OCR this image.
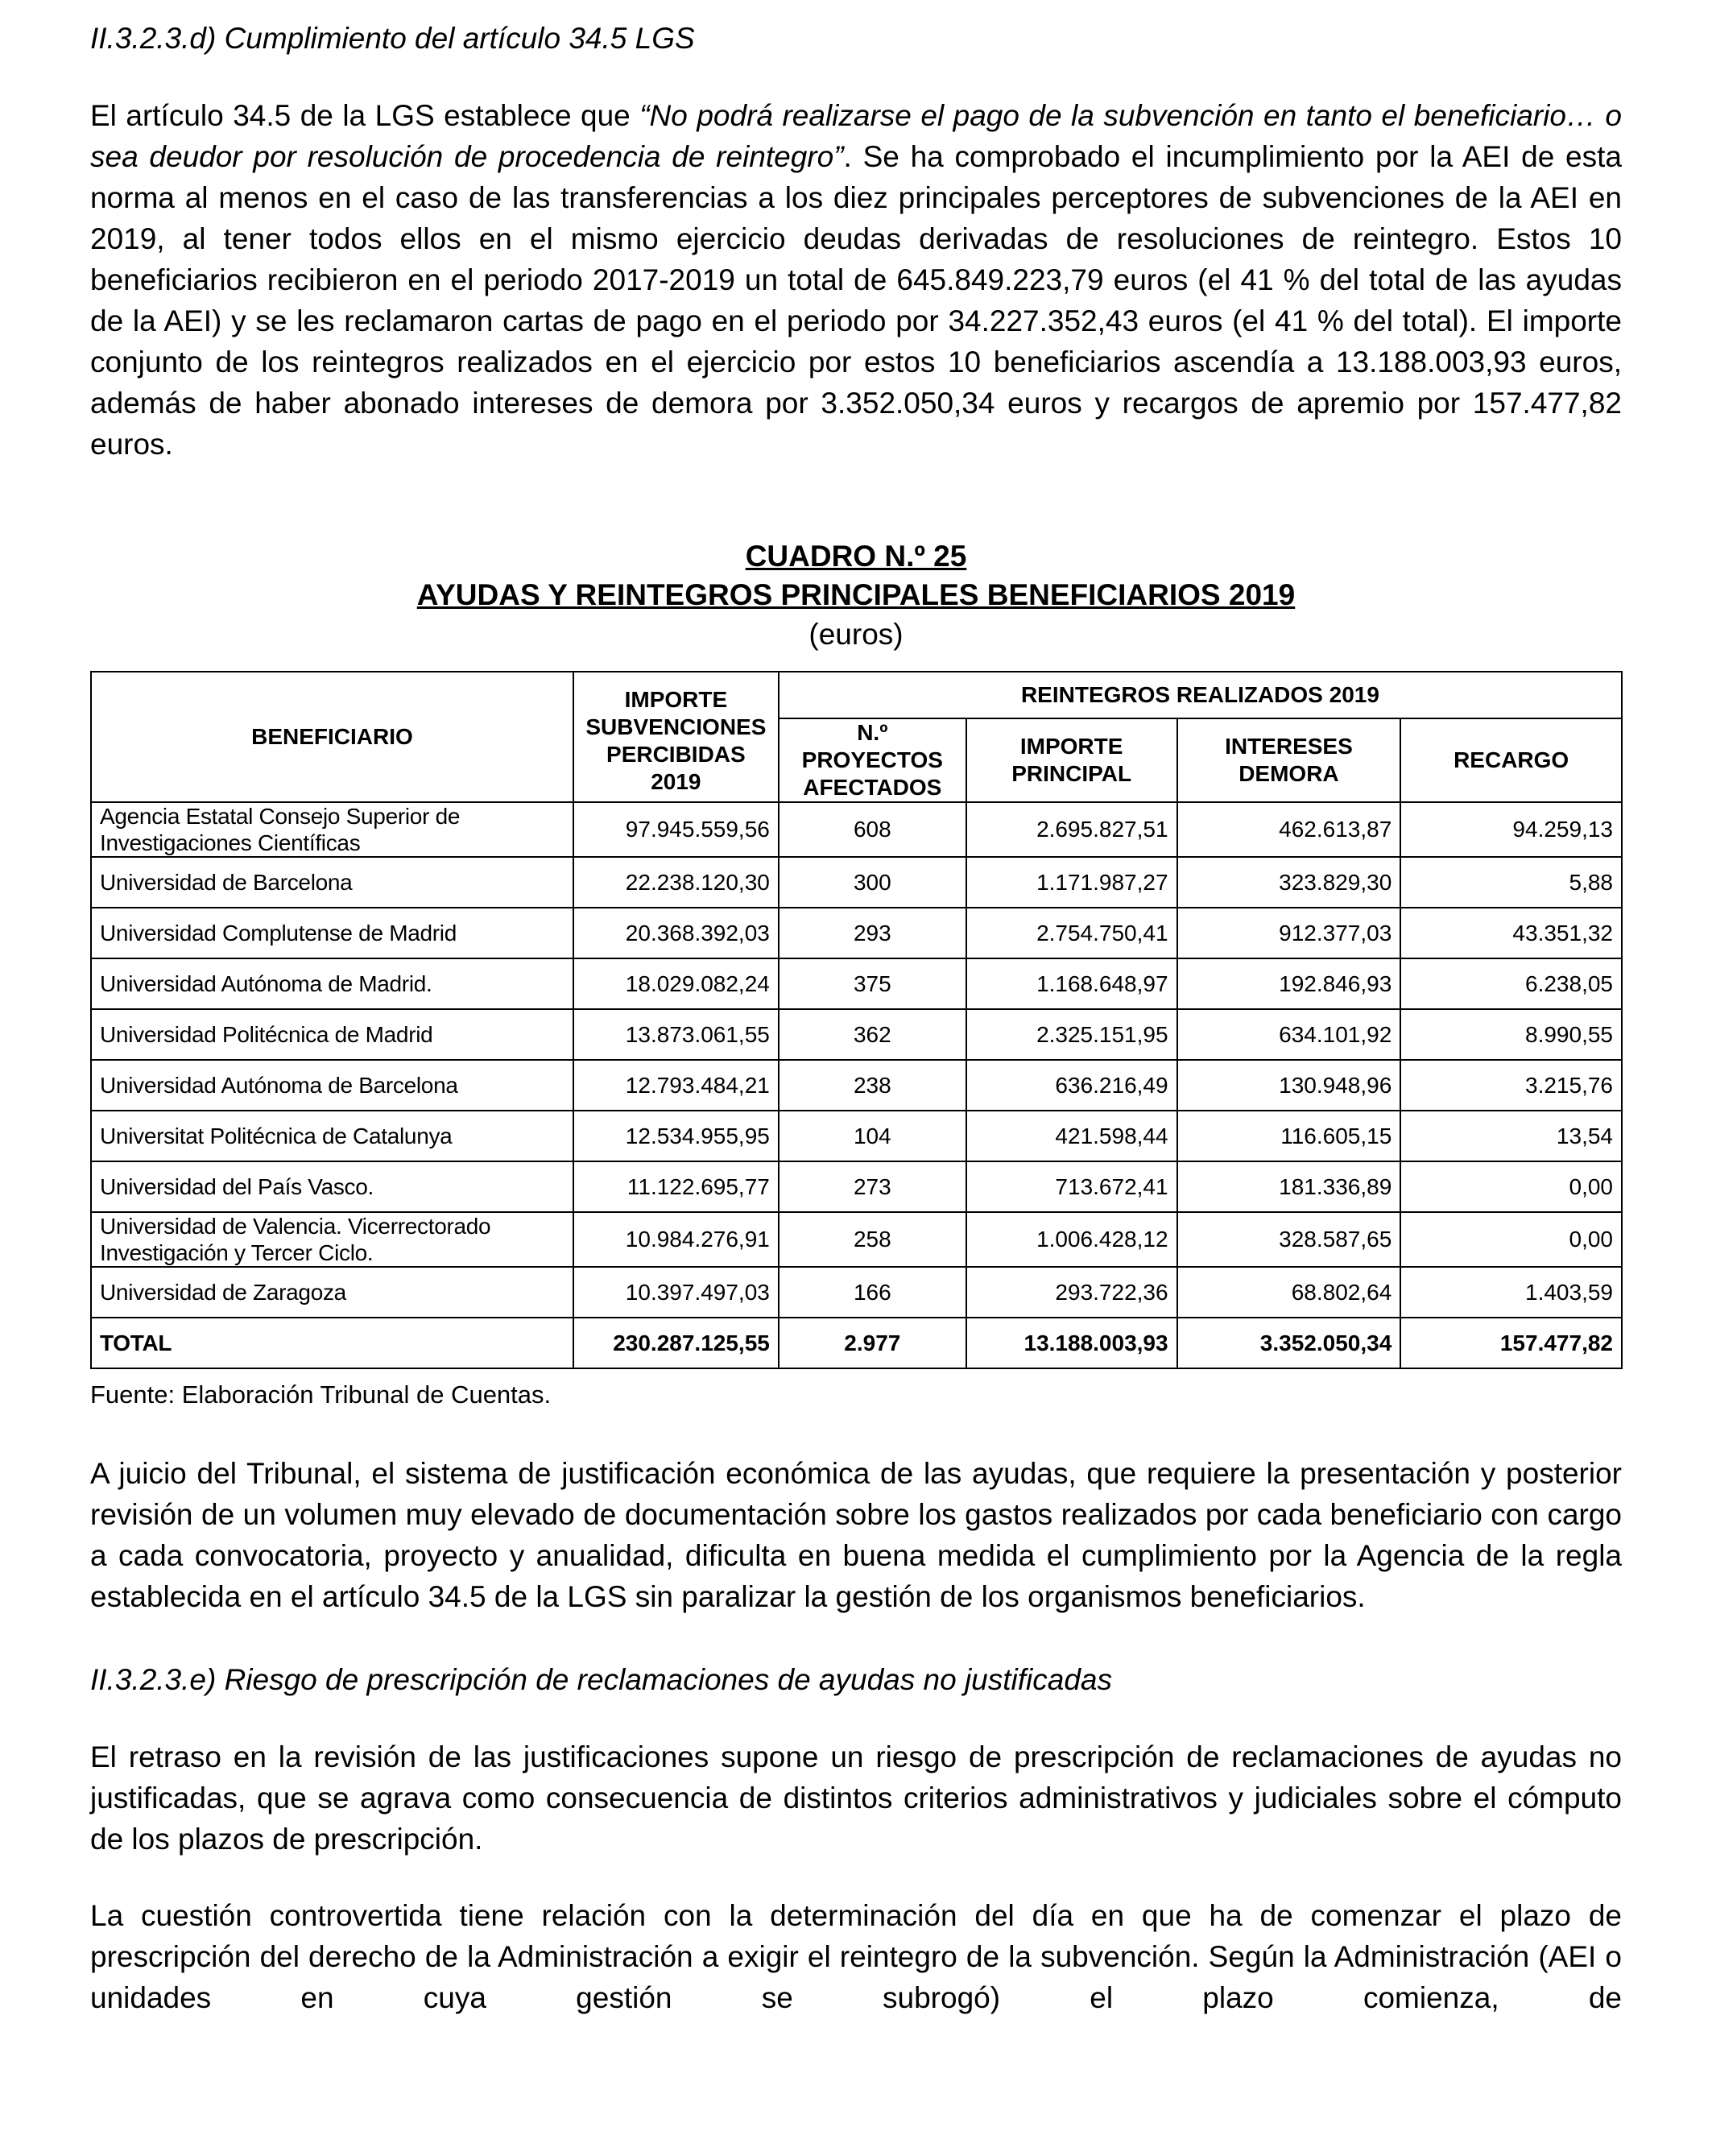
II.3.2.3.d) Cumplimiento del artículo 34.5 LGS

El artículo 34.5 de la LGS establece que “No podrá realizarse el pago de la subvención en tanto el beneficiario… o sea deudor por resolución de procedencia de reintegro”. Se ha comprobado el incumplimiento por la AEI de esta norma al menos en el caso de las transferencias a los diez principales perceptores de subvenciones de la AEI en 2019, al tener todos ellos en el mismo ejercicio deudas derivadas de resoluciones de reintegro. Estos 10 beneficiarios recibieron en el periodo 2017-2019 un total de 645.849.223,79 euros (el 41 % del total de las ayudas de la AEI) y se les reclamaron cartas de pago en el periodo por 34.227.352,43 euros (el 41 % del total). El importe conjunto de los reintegros realizados en el ejercicio por estos 10 beneficiarios ascendía a 13.188.003,93 euros, además de haber abonado intereses de demora por 3.352.050,34 euros y recargos de apremio por 157.477,82 euros.

CUADRO N.º 25
AYUDAS Y REINTEGROS PRINCIPALES BENEFICIARIOS 2019
(euros)
BENEFICIARIO	IMPORTE SUBVENCIONES PERCIBIDAS 2019	REINTEGROS REALIZADOS 2019			
		N.º PROYECTOS AFECTADOS	IMPORTE PRINCIPAL	INTERESES DEMORA	RECARGO
Agencia Estatal Consejo Superior de Investigaciones Científicas	97.945.559,56	608	2.695.827,51	462.613,87	94.259,13
Universidad de Barcelona	22.238.120,30	300	1.171.987,27	323.829,30	5,88
Universidad Complutense de Madrid	20.368.392,03	293	2.754.750,41	912.377,03	43.351,32
Universidad Autónoma de Madrid.	18.029.082,24	375	1.168.648,97	192.846,93	6.238,05
Universidad Politécnica de Madrid	13.873.061,55	362	2.325.151,95	634.101,92	8.990,55
Universidad Autónoma de Barcelona	12.793.484,21	238	636.216,49	130.948,96	3.215,76
Universitat Politécnica de Catalunya	12.534.955,95	104	421.598,44	116.605,15	13,54
Universidad del País Vasco.	11.122.695,77	273	713.672,41	181.336,89	0,00
Universidad de Valencia. Vicerrectorado Investigación y Tercer Ciclo.	10.984.276,91	258	1.006.428,12	328.587,65	0,00
Universidad de Zaragoza	10.397.497,03	166	293.722,36	68.802,64	1.403,59
TOTAL	230.287.125,55	2.977	13.188.003,93	3.352.050,34	157.477,82
Fuente: Elaboración Tribunal de Cuentas.

A juicio del Tribunal, el sistema de justificación económica de las ayudas, que requiere la presentación y posterior revisión de un volumen muy elevado de documentación sobre los gastos realizados por cada beneficiario con cargo a cada convocatoria, proyecto y anualidad, dificulta en buena medida el cumplimiento por la Agencia de la regla establecida en el artículo 34.5 de la LGS sin paralizar la gestión de los organismos beneficiarios.

II.3.2.3.e) Riesgo de prescripción de reclamaciones de ayudas no justificadas

El retraso en la revisión de las justificaciones supone un riesgo de prescripción de reclamaciones de ayudas no justificadas, que se agrava como consecuencia de distintos criterios administrativos y judiciales sobre el cómputo de los plazos de prescripción.

La cuestión controvertida tiene relación con la determinación del día en que ha de comenzar el plazo de prescripción del derecho de la Administración a exigir el reintegro de la subvención. Según la Administración (AEI o unidades en cuya gestión se subrogó) el plazo comienza, de
